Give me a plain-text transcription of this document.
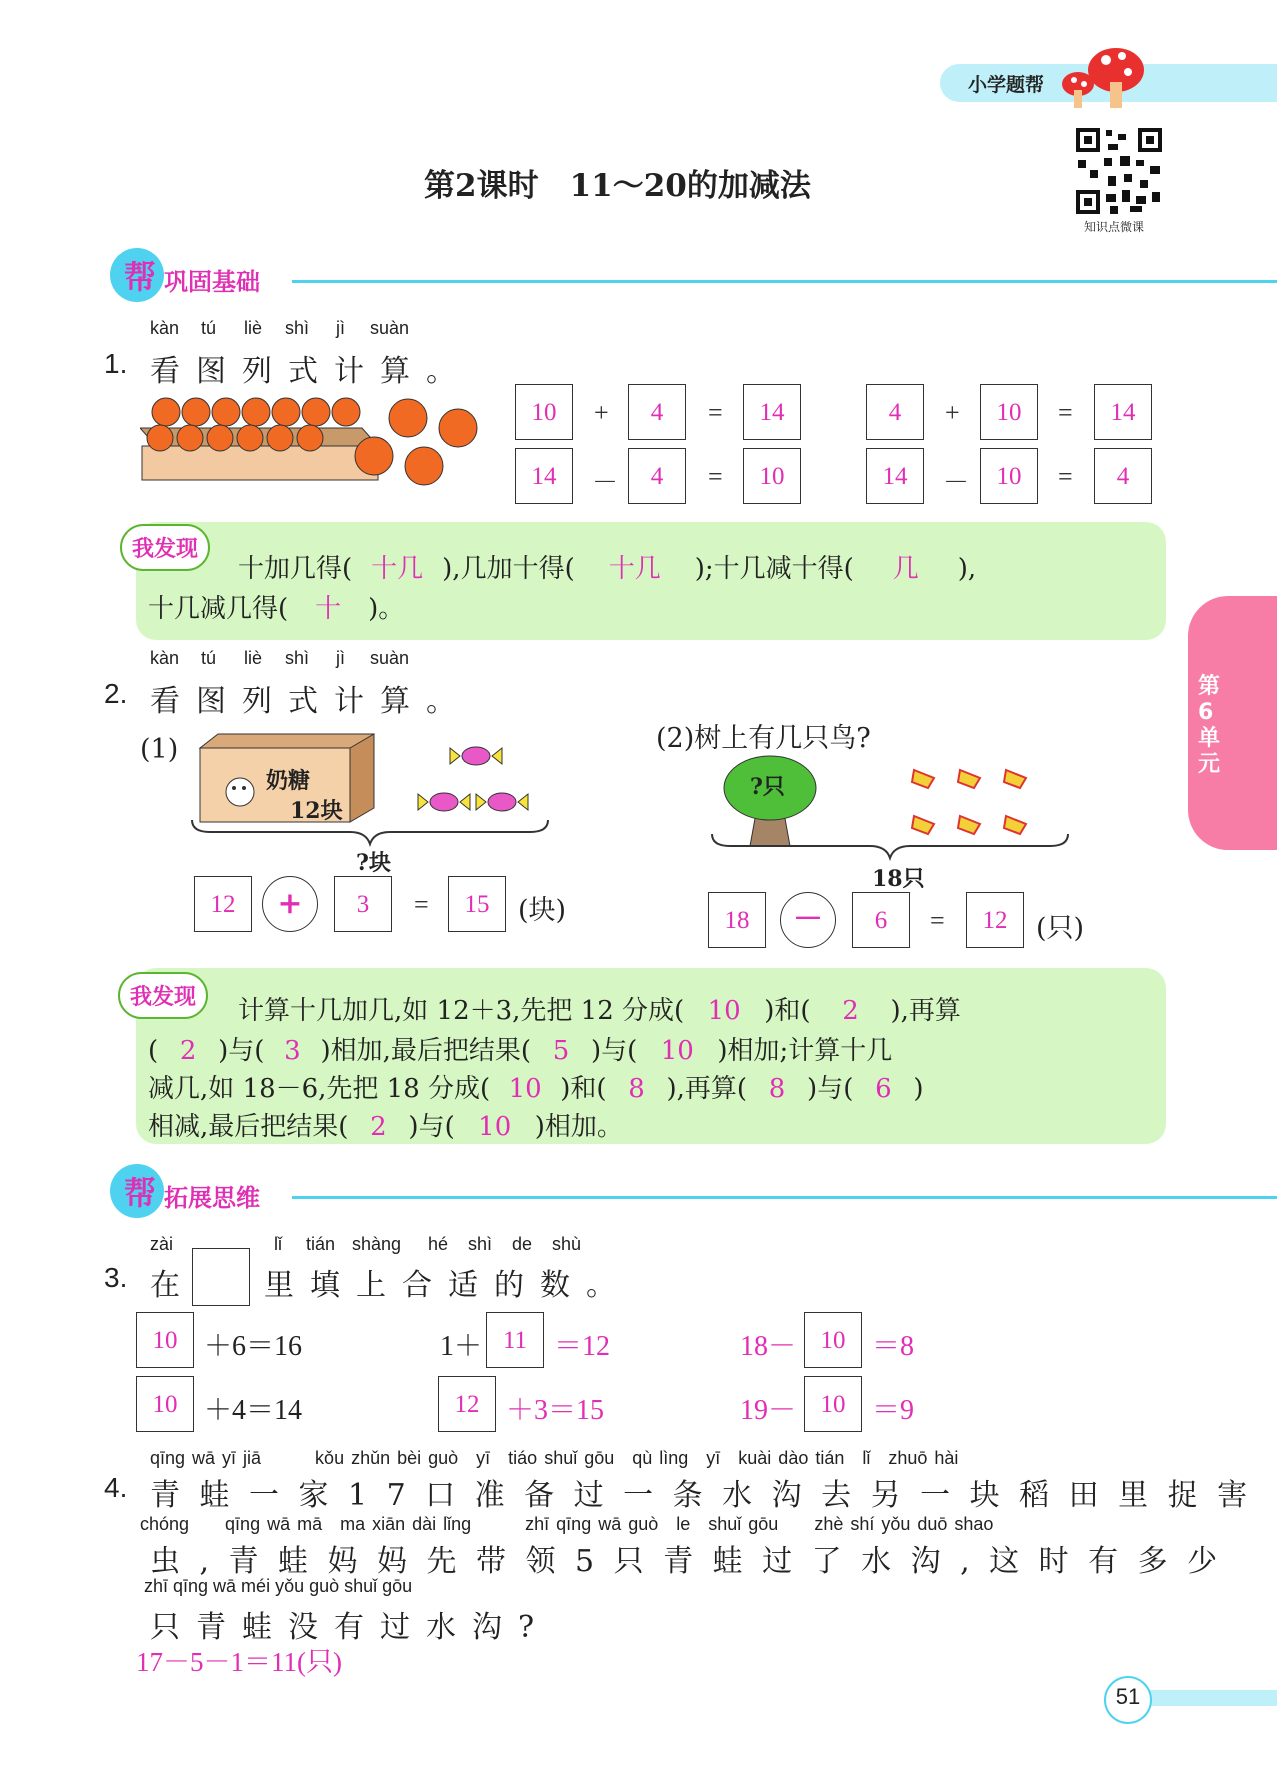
小学题帮
知识点微课
第2课时　11～20的加减法
第6单元
帮 巩固基础
kàn tú liè shì jì suàn
1. 看图列式计算。
10	+	4	=	14
14	－	4	=	10
4	+	10	=	14
14	－	10	=	4
我发现
十加几得( 十几 ),几加十得( 十几 );十几减十得( 几 ),
十几减几得( 十 )。
kàn tú liè shì jì suàn
2. 看图列式计算。
(1)
奶糖
12块
?块
12	+	3	=	15	(块)
(2)树上有几只鸟?
?只
18只
18	－	6	=	12	(只)
我发现	计算十几加几,如 12＋3,先把 12 分成( 10 )和( 2 ),再算
( 2 )与( 3 )相加,最后把结果( 5 )与( 10 )相加;计算十几
减几,如 18－6,先把 18 分成( 10 )和( 8 ),再算( 8 )与( 6 )
相减,最后把结果( 2 )与( 10 )相加。
帮 拓展思维
zài	lǐ tián shàng hé shì de shù
3. 在 里填上合适的数。
10 ＋6＝16
10 ＋4＝14
1＋ 11 ＝12
12 ＋3＝15
18－ 10 ＝8
19－ 10 ＝9
qīng wā yī jiā　　　kǒu zhǔn bèi guò　yī　tiáo shuǐ gōu　qù lìng　yī　kuài dào tián　lǐ　zhuō hài
4. 青蛙一家17口准备过一条水沟去另一块稻田里捉害
chóng　　qīng wā mā　ma xiān dài lǐng　　　zhī qīng wā guò　le　shuǐ gōu　　zhè shí yǒu duō shao
虫,青蛙妈妈先带领5只青蛙过了水沟,这时有多少
zhī qīng wā méi yǒu guò shuǐ gōu
只青蛙没有过水沟?
17－5－1＝11(只)
51
